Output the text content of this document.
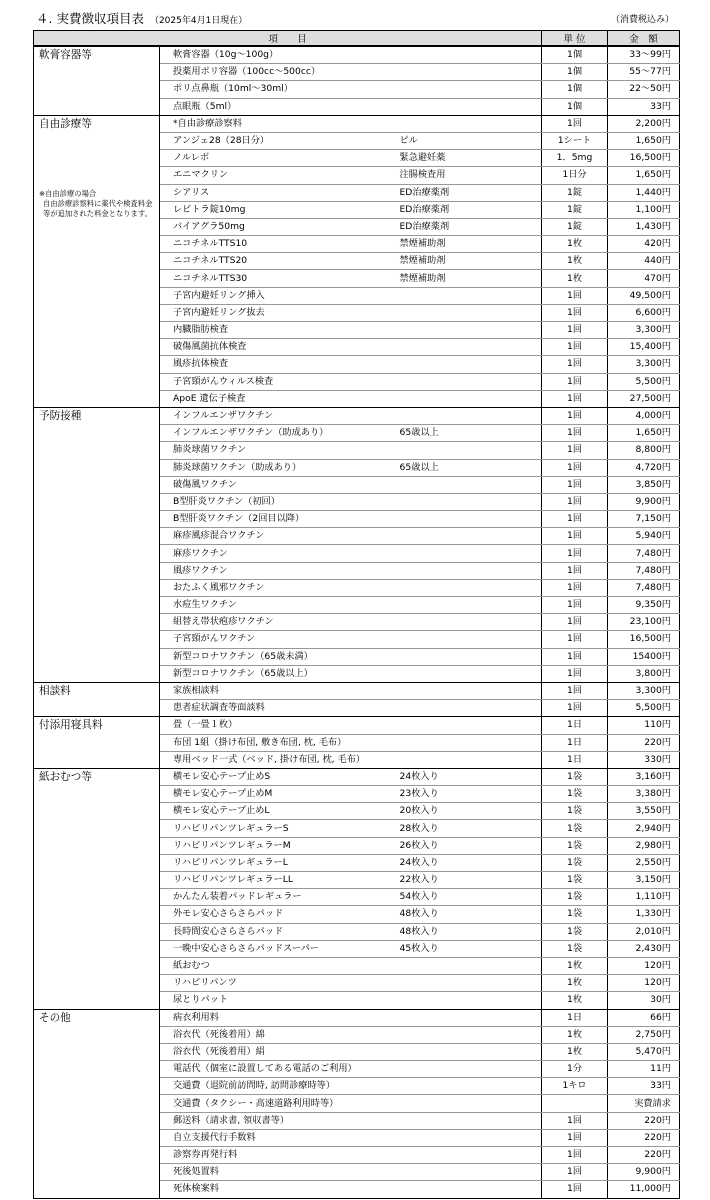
４. 実費徴収項目表 （2025年4月1日現在）	（消費税込み）
項　　目			単 位	金　額

軟膏容器等	軟膏容器（10g～100g）		1個	33～99円
	投薬用ポリ容器（100cc～500cc）		1個	55～77円
	ポリ点鼻瓶（10ml～30ml）		1個	22～50円
	点眼瓶（5ml）		1個	33円

自由診療等
※自由診療の場合
自由診療診察料に薬代や検査料金等が追加された料金となります。	*自由診療診察料		1回	2,200円
	アンジェ28（28日分）	ピル	1シート	1,650円
	ノルレボ	緊急避妊薬	1．5mg	16,500円
	エニマクリン	注腸検査用	1日分	1,650円
	シアリス	ED治療薬剤	1錠	1,440円
	レビトラ錠10mg	ED治療薬剤	1錠	1,100円
	バイアグラ50mg	ED治療薬剤	1錠	1,430円
	ニコチネルTTS10	禁煙補助剤	1枚	420円
	ニコチネルTTS20	禁煙補助剤	1枚	440円
	ニコチネルTTS30	禁煙補助剤	1枚	470円
	子宮内避妊リング挿入		1回	49,500円
	子宮内避妊リング抜去		1回	6,600円
	内臓脂肪検査		1回	3,300円
	破傷風菌抗体検査		1回	15,400円
	風疹抗体検査		1回	3,300円
	子宮頸がんウィルス検査		1回	5,500円
	ApoE 遺伝子検査		1回	27,500円

予防接種	インフルエンザワクチン		1回	4,000円
	インフルエンザワクチン（助成あり）	65歳以上	1回	1,650円
	肺炎球菌ワクチン		1回	8,800円
	肺炎球菌ワクチン（助成あり）	65歳以上	1回	4,720円
	破傷風ワクチン		1回	3,850円
	B型肝炎ワクチン（初回）		1回	9,900円
	B型肝炎ワクチン（2回目以降）		1回	7,150円
	麻疹風疹混合ワクチン		1回	5,940円
	麻疹ワクチン		1回	7,480円
	風疹ワクチン		1回	7,480円
	おたふく風邪ワクチン		1回	7,480円
	水痘生ワクチン		1回	9,350円
	組替え帯状疱疹ワクチン		1回	23,100円
	子宮頸がんワクチン		1回	16,500円
	新型コロナワクチン（65歳未満）		1回	15400円
	新型コロナワクチン（65歳以上）		1回	3,800円

相談料	家族相談料		1回	3,300円
	患者症状調査等面談料		1回	5,500円

付添用寝具料	畳（一畳１枚）		1日	110円
	布団 1組（掛け布団, 敷き布団, 枕, 毛布）		1日	220円
	専用ベッド一式（ベッド, 掛け布団, 枕, 毛布）		1日	330円

紙おむつ等	横モレ安心テープ止めS	24枚入り	1袋	3,160円
	横モレ安心テープ止めM	23枚入り	1袋	3,380円
	横モレ安心テープ止めL	20枚入り	1袋	3,550円
	リハビリパンツレギュラーS	28枚入り	1袋	2,940円
	リハビリパンツレギュラーM	26枚入り	1袋	2,980円
	リハビリパンツレギュラーL	24枚入り	1袋	2,550円
	リハビリパンツレギュラーLL	22枚入り	1袋	3,150円
	かんたん装着パッドレギュラー	54枚入り	1袋	1,110円
	外モレ安心さらさらパッド	48枚入り	1袋	1,330円
	長時間安心さらさらパッド	48枚入り	1袋	2,010円
	一晩中安心さらさらパッドスーパー	45枚入り	1袋	2,430円
	紙おむつ		1枚	120円
	リハビリパンツ		1枚	120円
	尿とりパット		1枚	30円

その他	病衣利用料		1日	66円
	浴衣代（死後着用）綿		1枚	2,750円
	浴衣代（死後着用）絹		1枚	5,470円
	電話代（個室に設置してある電話のご利用）		1分	11円
	交通費（退院前訪問時, 訪問診療時等）		1キロ	33円
	交通費（タクシー・高速道路利用時等）			実費請求
	郵送料（請求書, 領収書等）		1回	220円
	自立支援代行手数料		1回	220円
	診察券再発行料		1回	220円
	死後処置料		1回	9,900円
	死体検案料		1回	11,000円
